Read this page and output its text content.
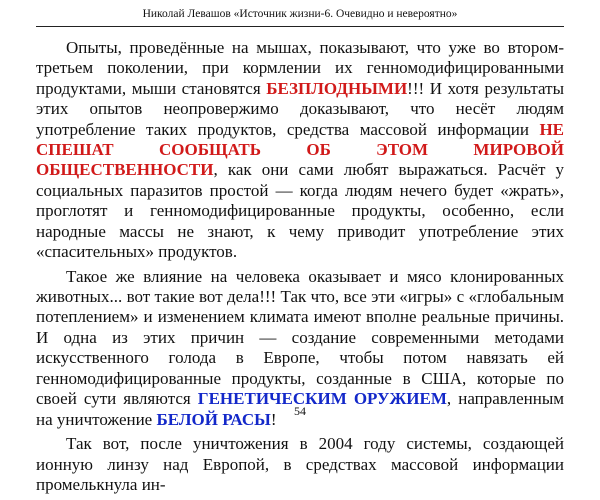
Николай Левашов «Источник жизни-6. Очевидно и невероятно»

Опыты, проведённые на мышах, показывают, что уже во втором-третьем поколении, при кормлении их генномодифицированными продуктами, мыши становятся БЕЗПЛОДНЫМИ!!! И хотя результаты этих опытов неопровержимо доказывают, что несёт людям употребление таких продуктов, средства массовой информации НЕ СПЕШАТ СООБЩАТЬ ОБ ЭТОМ МИРОВОЙ ОБЩЕСТВЕННОСТИ, как они сами любят выражаться. Расчёт у социальных паразитов простой — когда людям нечего будет «жрать», проглотят и генномодифицированные продукты, особенно, если народные массы не знают, к чему приводит употребление этих «спасительных» продуктов.

Такое же влияние на человека оказывает и мясо клонированных животных... вот такие вот дела!!! Так что, все эти «игры» с «глобальным потеплением» и изменением климата имеют вполне реальные причины. И одна из этих причин — создание современными методами искусственного голода в Европе, чтобы потом навязать ей генномодифицированные продукты, созданные в США, которые по своей сути являются ГЕНЕТИЧЕСКИМ ОРУЖИЕМ, направленным на уничтожение БЕЛОЙ РАСЫ!

Так вот, после уничтожения в 2004 году системы, создающей ионную линзу над Европой, в средствах массовой информации промелькнула ин-

54
